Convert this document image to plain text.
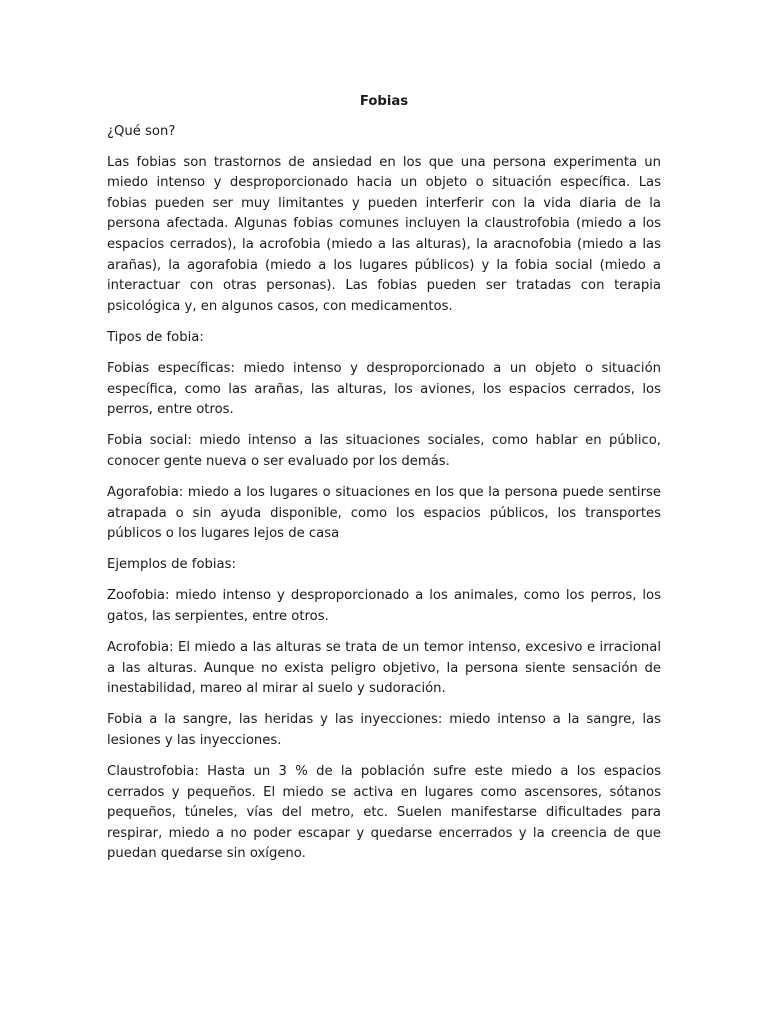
Fobias
¿Qué son?
Las fobias son trastornos de ansiedad en los que una persona experimenta un miedo intenso y desproporcionado hacia un objeto o situación específica. Las fobias pueden ser muy limitantes y pueden interferir con la vida diaria de la persona afectada. Algunas fobias comunes incluyen la claustrofobia (miedo a los espacios cerrados), la acrofobia (miedo a las alturas), la aracnofobia (miedo a las arañas), la agorafobia (miedo a los lugares públicos) y la fobia social (miedo a interactuar con otras personas). Las fobias pueden ser tratadas con terapia psicológica y, en algunos casos, con medicamentos.
Tipos de fobia:
Fobias específicas: miedo intenso y desproporcionado a un objeto o situación específica, como las arañas, las alturas, los aviones, los espacios cerrados, los perros, entre otros.
Fobia social: miedo intenso a las situaciones sociales, como hablar en público, conocer gente nueva o ser evaluado por los demás.
Agorafobia: miedo a los lugares o situaciones en los que la persona puede sentirse atrapada o sin ayuda disponible, como los espacios públicos, los transportes públicos o los lugares lejos de casa
Ejemplos de fobias:
Zoofobia: miedo intenso y desproporcionado a los animales, como los perros, los gatos, las serpientes, entre otros.
Acrofobia: El miedo a las alturas se trata de un temor intenso, excesivo e irracional a las alturas. Aunque no exista peligro objetivo, la persona siente sensación de inestabilidad, mareo al mirar al suelo y sudoración.
Fobia a la sangre, las heridas y las inyecciones: miedo intenso a la sangre, las lesiones y las inyecciones.
Claustrofobia: Hasta un 3 % de la población sufre este miedo a los espacios cerrados y pequeños. El miedo se activa en lugares como ascensores, sótanos pequeños, túneles, vías del metro, etc. Suelen manifestarse dificultades para respirar, miedo a no poder escapar y quedarse encerrados y la creencia de que puedan quedarse sin oxígeno.
